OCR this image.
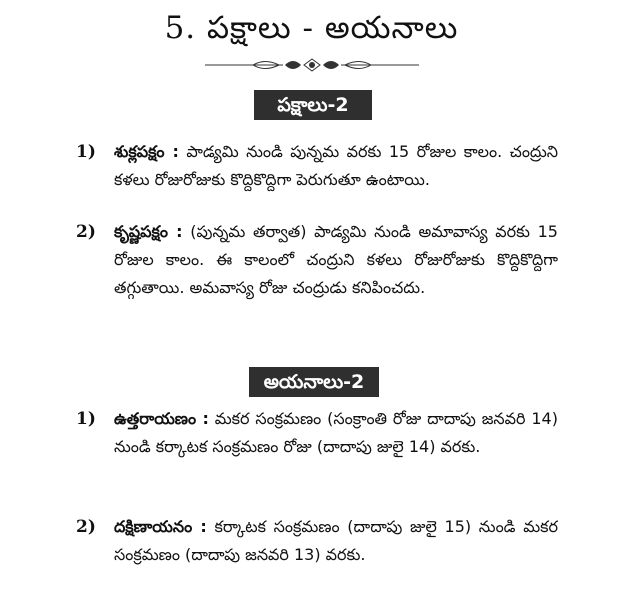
5. పక్షాలు - అయనాలు
పక్షాలు-2
1)	శుక్లపక్షం : పాడ్యమి నుండి పున్నమ వరకు 15 రోజుల కాలం. చంద్రుని కళలు రోజురోజుకు కొద్దికొద్దిగా పెరుగుతూ ఉంటాయి.
2)	కృష్ణపక్షం : (పున్నమ తర్వాత) పాడ్యమి నుండి అమావాస్య వరకు 15 రోజుల కాలం. ఈ కాలంలో చంద్రుని కళలు రోజురోజుకు కొద్దికొద్దిగా తగ్గుతాయి. అమవాస్య రోజు చంద్రుడు కనిపించదు.
అయనాలు-2
1)	ఉత్తరాయణం : మకర సంక్రమణం (సంక్రాంతి రోజు దాదాపు జనవరి 14) నుండి కర్కాటక సంక్రమణం రోజు (దాదాపు జులై 14) వరకు.
2)	దక్షిణాయనం : కర్కాటక సంక్రమణం (దాదాపు జులై 15) నుండి మకర సంక్రమణం (దాదాపు జనవరి 13) వరకు.
